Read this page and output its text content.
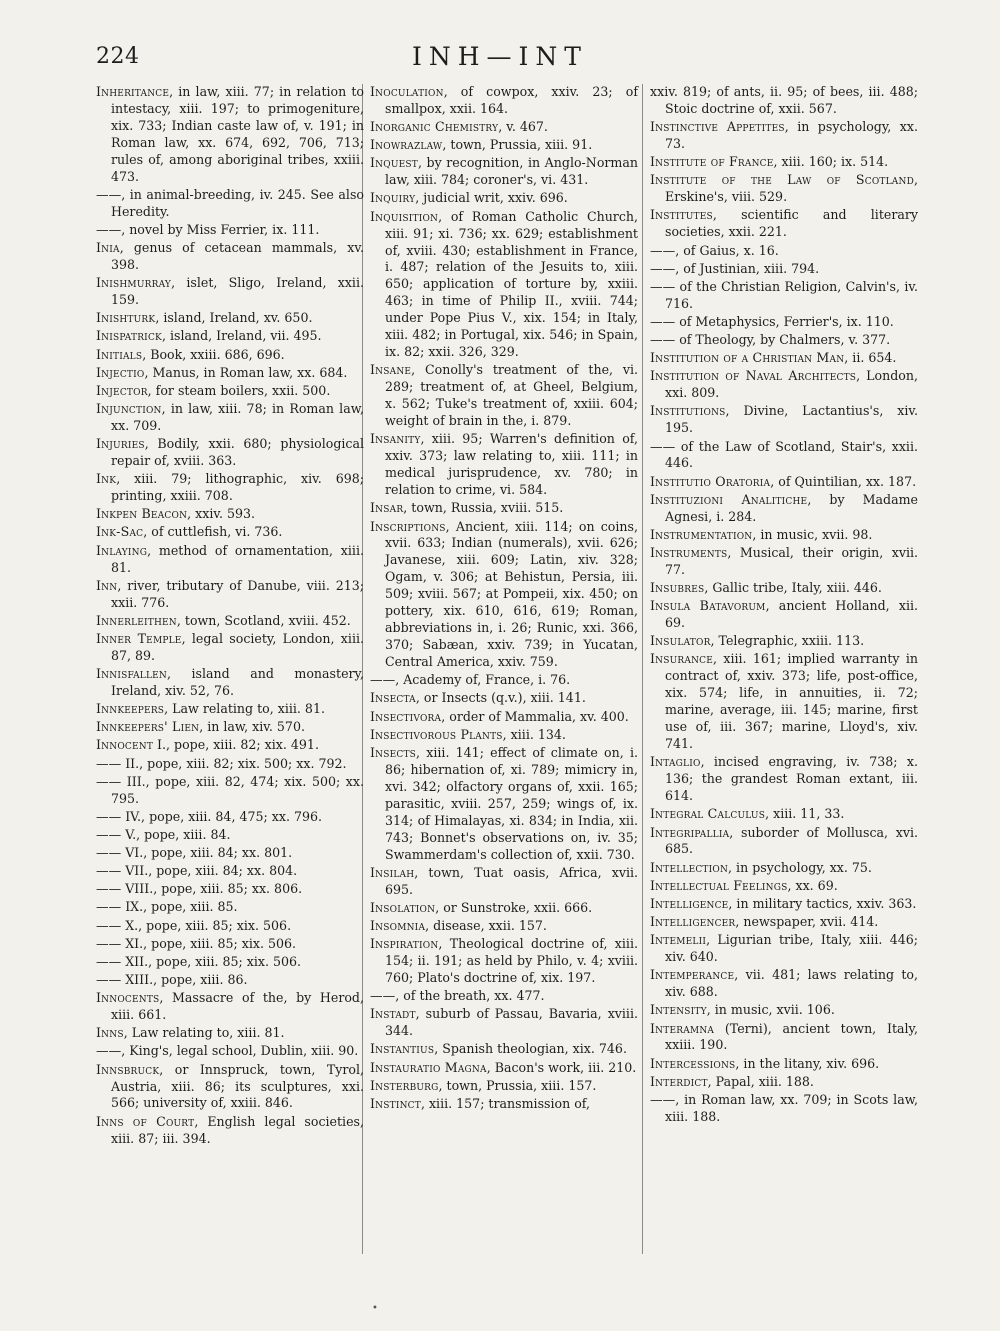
224	INH—INT

Inheritance, in law, xiii. 77; in relation to intestacy, xiii. 197; to primogeniture, xix. 733; Indian caste law of, v. 191; in Roman law, xx. 674, 692, 706, 713; rules of, among aboriginal tribes, xxiii. 473.

——, in animal-breeding, iv. 245. See also Heredity.

——, novel by Miss Ferrier, ix. 111.

Inia, genus of cetacean mammals, xv. 398.

Inishmurray, islet, Sligo, Ireland, xxii. 159.

Inishturk, island, Ireland, xv. 650.

Inispatrick, island, Ireland, vii. 495.

Initials, Book, xxiii. 686, 696.

Injectio, Manus, in Roman law, xx. 684.

Injector, for steam boilers, xxii. 500.

Injunction, in law, xiii. 78; in Roman law, xx. 709.

Injuries, Bodily, xxii. 680; physiological repair of, xviii. 363.

Ink, xiii. 79; lithographic, xiv. 698; printing, xxiii. 708.

Inkpen Beacon, xxiv. 593.

Ink-Sac, of cuttlefish, vi. 736.

Inlaying, method of ornamentation, xiii. 81.

Inn, river, tributary of Danube, viii. 213; xxii. 776.

Innerleithen, town, Scotland, xviii. 452.

Inner Temple, legal society, London, xiii. 87, 89.

Innisfallen, island and monastery, Ireland, xiv. 52, 76.

Innkeepers, Law relating to, xiii. 81.

Innkeepers' Lien, in law, xiv. 570.

Innocent I., pope, xiii. 82; xix. 491.

—— II., pope, xiii. 82; xix. 500; xx. 792.

—— III., pope, xiii. 82, 474; xix. 500; xx. 795.

—— IV., pope, xiii. 84, 475; xx. 796.

—— V., pope, xiii. 84.

—— VI., pope, xiii. 84; xx. 801.

—— VII., pope, xiii. 84; xx. 804.

—— VIII., pope, xiii. 85; xx. 806.

—— IX., pope, xiii. 85.

—— X., pope, xiii. 85; xix. 506.

—— XI., pope, xiii. 85; xix. 506.

—— XII., pope, xiii. 85; xix. 506.

—— XIII., pope, xiii. 86.

Innocents, Massacre of the, by Herod, xiii. 661.

Inns, Law relating to, xiii. 81.

——, King's, legal school, Dublin, xiii. 90.

Innsbruck, or Innspruck, town, Tyrol, Austria, xiii. 86; its sculptures, xxi. 566; university of, xxiii. 846.

Inns of Court, English legal societies, xiii. 87; iii. 394.

Inoculation, of cowpox, xxiv. 23; of smallpox, xxii. 164.

Inorganic Chemistry, v. 467.

Inowrazlaw, town, Prussia, xiii. 91.

Inquest, by recognition, in Anglo-Norman law, xiii. 784; coroner's, vi. 431.

Inquiry, judicial writ, xxiv. 696.

Inquisition, of Roman Catholic Church, xiii. 91; xi. 736; xx. 629; establishment of, xviii. 430; establishment in France, i. 487; relation of the Jesuits to, xiii. 650; application of torture by, xxiii. 463; in time of Philip II., xviii. 744; under Pope Pius V., xix. 154; in Italy, xiii. 482; in Portugal, xix. 546; in Spain, ix. 82; xxii. 326, 329.

Insane, Conolly's treatment of the, vi. 289; treatment of, at Gheel, Belgium, x. 562; Tuke's treatment of, xxiii. 604; weight of brain in the, i. 879.

Insanity, xiii. 95; Warren's definition of, xxiv. 373; law relating to, xiii. 111; in medical jurisprudence, xv. 780; in relation to crime, vi. 584.

Insar, town, Russia, xviii. 515.

Inscriptions, Ancient, xiii. 114; on coins, xvii. 633; Indian (numerals), xvii. 626; Javanese, xiii. 609; Latin, xiv. 328; Ogam, v. 306; at Behistun, Persia, iii. 509; xviii. 567; at Pompeii, xix. 450; on pottery, xix. 610, 616, 619; Roman, abbreviations in, i. 26; Runic, xxi. 366, 370; Sabæan, xxiv. 739; in Yucatan, Central America, xxiv. 759.

——, Academy of, France, i. 76.

Insecta, or Insects (q.v.), xiii. 141.

Insectivora, order of Mammalia, xv. 400.

Insectivorous Plants, xiii. 134.

Insects, xiii. 141; effect of climate on, i. 86; hibernation of, xi. 789; mimicry in, xvi. 342; olfactory organs of, xxii. 165; parasitic, xviii. 257, 259; wings of, ix. 314; of Himalayas, xi. 834; in India, xii. 743; Bonnet's observations on, iv. 35; Swammerdam's collection of, xxii. 730.

Insilah, town, Tuat oasis, Africa, xvii. 695.

Insolation, or Sunstroke, xxii. 666.

Insomnia, disease, xxii. 157.

Inspiration, Theological doctrine of, xiii. 154; ii. 191; as held by Philo, v. 4; xviii. 760; Plato's doctrine of, xix. 197.

——, of the breath, xx. 477.

Instadt, suburb of Passau, Bavaria, xviii. 344.

Instantius, Spanish theologian, xix. 746.

Instauratio Magna, Bacon's work, iii. 210.

Insterburg, town, Prussia, xiii. 157.

Instinct, xiii. 157; transmission of,

xxiv. 819; of ants, ii. 95; of bees, iii. 488; Stoic doctrine of, xxii. 567.

Instinctive Appetites, in psychology, xx. 73.

Institute of France, xiii. 160; ix. 514.

Institute of the Law of Scotland, Erskine's, viii. 529.

Institutes, scientific and literary societies, xxii. 221.

——, of Gaius, x. 16.

——, of Justinian, xiii. 794.

—— of the Christian Religion, Calvin's, iv. 716.

—— of Metaphysics, Ferrier's, ix. 110.

—— of Theology, by Chalmers, v. 377.

Institution of a Christian Man, ii. 654.

Institution of Naval Architects, London, xxi. 809.

Institutions, Divine, Lactantius's, xiv. 195.

—— of the Law of Scotland, Stair's, xxii. 446.

Institutio Oratoria, of Quintilian, xx. 187.

Instituzioni Analitiche, by Madame Agnesi, i. 284.

Instrumentation, in music, xvii. 98.

Instruments, Musical, their origin, xvii. 77.

Insubres, Gallic tribe, Italy, xiii. 446.

Insula Batavorum, ancient Holland, xii. 69.

Insulator, Telegraphic, xxiii. 113.

Insurance, xiii. 161; implied warranty in contract of, xxiv. 373; life, post-office, xix. 574; life, in annuities, ii. 72; marine, average, iii. 145; marine, first use of, iii. 367; marine, Lloyd's, xiv. 741.

Intaglio, incised engraving, iv. 738; x. 136; the grandest Roman extant, iii. 614.

Integral Calculus, xiii. 11, 33.

Integripallia, suborder of Mollusca, xvi. 685.

Intellection, in psychology, xx. 75.

Intellectual Feelings, xx. 69.

Intelligence, in military tactics, xxiv. 363.

Intelligencer, newspaper, xvii. 414.

Intemelii, Ligurian tribe, Italy, xiii. 446; xiv. 640.

Intemperance, vii. 481; laws relating to, xiv. 688.

Intensity, in music, xvii. 106.

Interamna (Terni), ancient town, Italy, xxiii. 190.

Intercessions, in the litany, xiv. 696.

Interdict, Papal, xiii. 188.

——, in Roman law, xx. 709; in Scots law, xiii. 188.

•
